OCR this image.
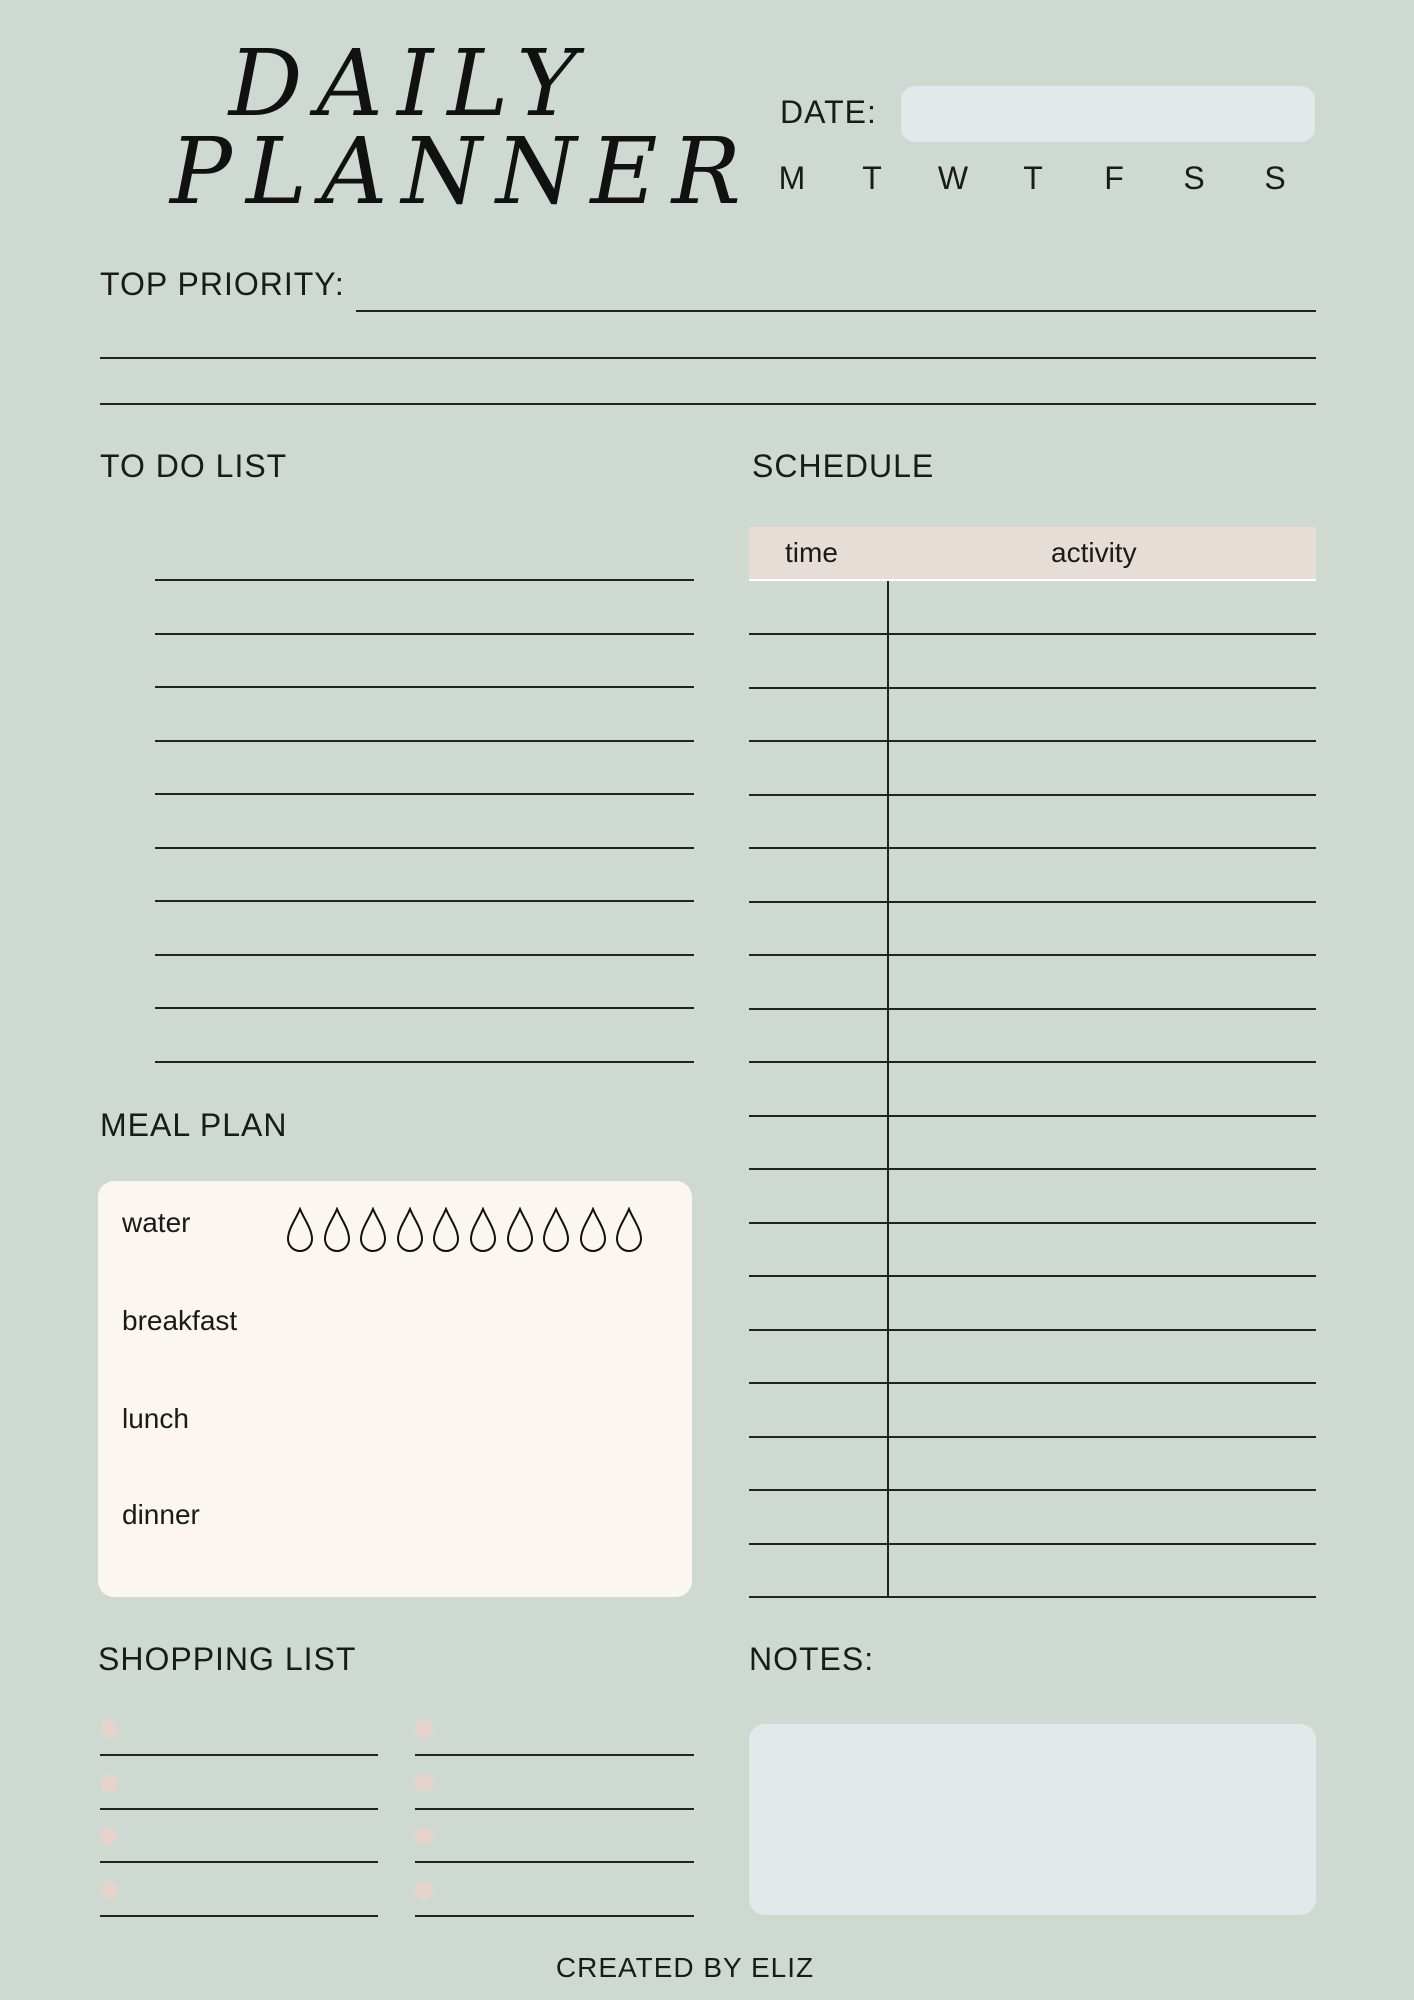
DAILY
PLANNER
DATE:
M	T	W	T	F	S S
TOP PRIORITY:
TO DO LIST	SCHEDULE
time	activity
MEAL PLAN
water
breakfast
lunch
dinner
SHOPPING LIST	NOTES:
CREATED BY ELIZ
